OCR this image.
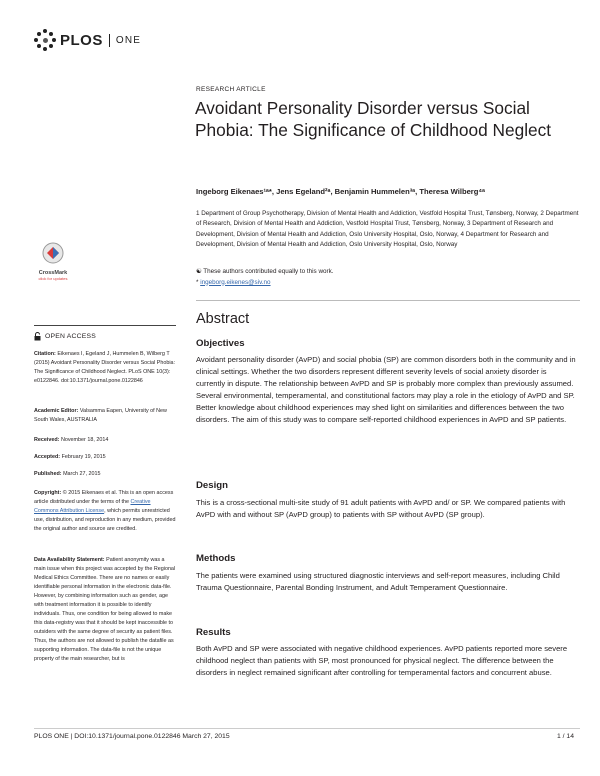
PLOS ONE
RESEARCH ARTICLE
Avoidant Personality Disorder versus Social Phobia: The Significance of Childhood Neglect
Ingeborg Eikenaes¹ᵃ*, Jens Egeland²ᵃ, Benjamin Hummelen³ᵃ, Theresa Wilberg⁴ᵃ
1 Department of Group Psychotherapy, Division of Mental Health and Addiction, Vestfold Hospital Trust, Tønsberg, Norway, 2 Department of Research, Division of Mental Health and Addiction, Vestfold Hospital Trust, Tønsberg, Norway, 3 Department of Research and Development, Division of Mental Health and Addiction, Oslo University Hospital, Oslo, Norway, 4 Department for Research and Development, Division of Mental Health and Addiction, Oslo University Hospital, Oslo, Norway
☯ These authors contributed equally to this work.
* ingeborg.eikenes@siv.no
CrossMark
click for updates
Abstract
Objectives
Avoidant personality disorder (AvPD) and social phobia (SP) are common disorders both in the community and in clinical settings. Whether the two disorders represent different severity levels of social anxiety disorder is currently in dispute. The relationship between AvPD and SP is probably more complex than previously assumed. Several environmental, temperamental, and constitutional factors may play a role in the etiology of AvPD and SP. Better knowledge about childhood experiences may shed light on similarities and differences between the two disorders. The aim of this study was to compare self-reported childhood experiences in AvPD and SP patients.
Design
This is a cross-sectional multi-site study of 91 adult patients with AvPD and/ or SP. We compared patients with AvPD with and without SP (AvPD group) to patients with SP without AvPD (SP group).
Methods
The patients were examined using structured diagnostic interviews and self-report measures, including Child Trauma Questionnaire, Parental Bonding Instrument, and Adult Temperament Questionnaire.
Results
Both AvPD and SP were associated with negative childhood experiences. AvPD patients reported more severe childhood neglect than patients with SP, most pronounced for physical neglect. The difference between the disorders in neglect remained significant after controlling for temperamental factors and concurrent abuse.
OPEN ACCESS
Citation: Eikenaes I, Egeland J, Hummelen B, Wilberg T (2015) Avoidant Personality Disorder versus Social Phobia: The Significance of Childhood Neglect. PLoS ONE 10(3): e0122846. doi:10.1371/journal.pone.0122846
Academic Editor: Valsamma Eapen, University of New South Wales, AUSTRALIA
Received: November 18, 2014
Accepted: February 19, 2015
Published: March 27, 2015
Copyright: © 2015 Eikenaes et al. This is an open access article distributed under the terms of the Creative Commons Attribution License, which permits unrestricted use, distribution, and reproduction in any medium, provided the original author and source are credited.
Data Availability Statement: Patient anonymity was a main issue when this project was accepted by the Regional Medical Ethics Committee. There are no names or easily identifiable personal information in the electronic data-file. However, by combining information such as gender, age with treatment information it is possible to identify individuals. Thus, one condition for being allowed to make this data-registry was that it should be kept inaccessible to outsiders with the same degree of security as patient files. Thus, the authors are not allowed to publish the datafile as supporting information. The data-file is not the unique property of the main researcher, but is
PLOS ONE | DOI:10.1371/journal.pone.0122846 March 27, 2015	1 / 14
